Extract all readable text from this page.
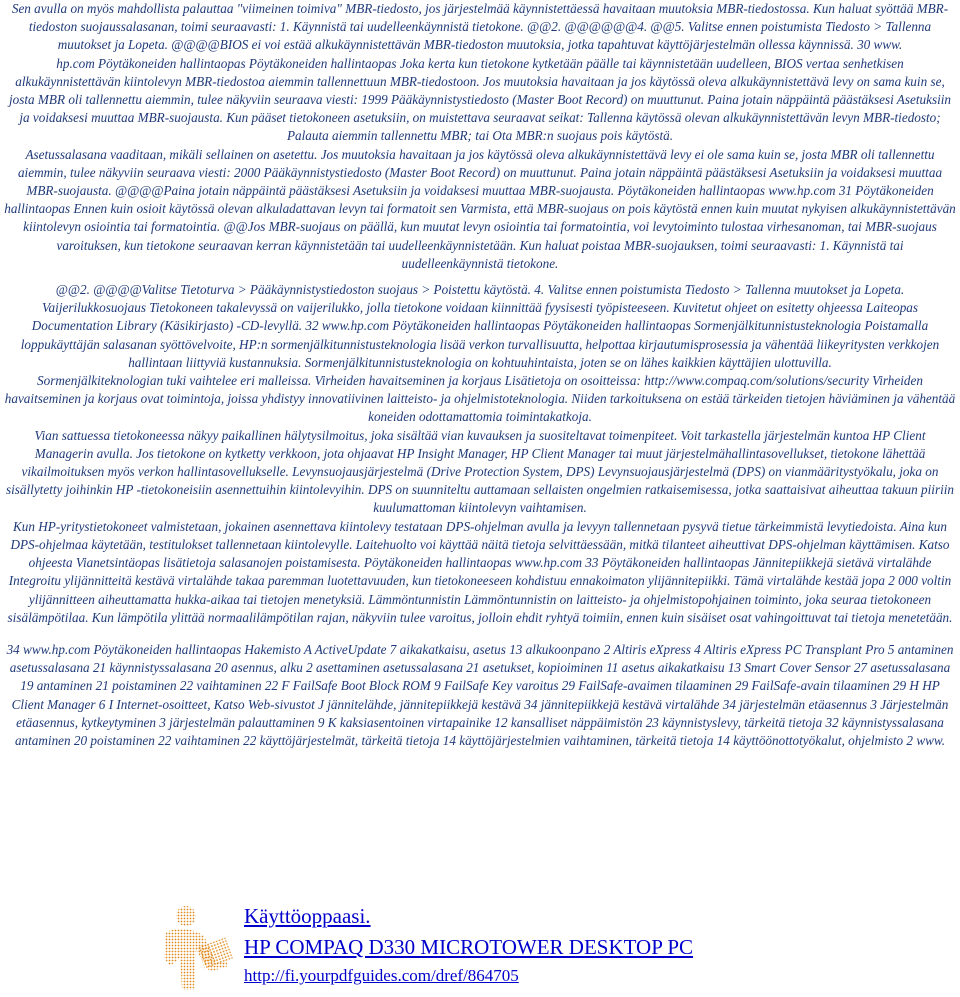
Sen avulla on myös mahdollista palauttaa "viimeinen toimiva" MBR-tiedosto, jos järjestelmää käynnistettäessä havaitaan muutoksia MBR-tiedostossa. Kun haluat syöttää MBR-tiedoston suojaussalasanan, toimi seuraavasti: 1. Käynnistä tai uudelleenkäynnistä tietokone. @@2. @@@@@@4. @@5. Valitse ennen poistumista Tiedosto > Tallenna muutokset ja Lopeta. @@@@BIOS ei voi estää alkukäynnistettävän MBR-tiedoston muutoksia, jotka tapahtuvat käyttöjärjestelmän ollessa käynnissä. 30 www.

hp.com Pöytäkoneiden hallintaopas Pöytäkoneiden hallintaopas Joka kerta kun tietokone kytketään päälle tai käynnistetään uudelleen, BIOS vertaa senhetkisen alkukäynnistettävän kiintolevyn MBR-tiedostoa aiemmin tallennettuun MBR-tiedostoon. Jos muutoksia havaitaan ja jos käytössä oleva alkukäynnistettävä levy on sama kuin se, josta MBR oli tallennettu aiemmin, tulee näkyviin seuraava viesti: 1999 Pääkäynnistystiedosto (Master Boot Record) on muuttunut. Paina jotain näppäintä päästäksesi Asetuksiin ja voidaksesi muuttaa MBR-suojausta. Kun pääset tietokoneen asetuksiin, on muistettava seuraavat seikat: Tallenna käytössä olevan alkukäynnistettävän levyn MBR-tiedosto; Palauta aiemmin tallennettu MBR; tai Ota MBR:n suojaus pois käytöstä.

Asetussalasana vaaditaan, mikäli sellainen on asetettu. Jos muutoksia havaitaan ja jos käytössä oleva alkukäynnistettävä levy ei ole sama kuin se, josta MBR oli tallennettu aiemmin, tulee näkyviin seuraava viesti: 2000 Pääkäynnistystiedosto (Master Boot Record) on muuttunut. Paina jotain näppäintä päästäksesi Asetuksiin ja voidaksesi muuttaa MBR-suojausta. @@@@Paina jotain näppäintä päästäksesi Asetuksiin ja voidaksesi muuttaa MBR-suojausta. Pöytäkoneiden hallintaopas www.hp.com 31 Pöytäkoneiden hallintaopas Ennen kuin osioit käytössä olevan alkuladattavan levyn tai formatoit sen Varmista, että MBR-suojaus on pois käytöstä ennen kuin muutat nykyisen alkukäynnistettävän kiintolevyn osiointia tai formatointia. @@Jos MBR-suojaus on päällä, kun muutat levyn osiointia tai formatointia, voi levytoiminto tulostaa virhesanoman, tai MBR-suojaus varoituksen, kun tietokone seuraavan kerran käynnistetään tai uudelleenkäynnistetään. Kun haluat poistaa MBR-suojauksen, toimi seuraavasti: 1. Käynnistä tai uudelleenkäynnistä tietokone.

@@2. @@@@Valitse Tietoturva > Pääkäynnistystiedoston suojaus > Poistettu käytöstä. 4. Valitse ennen poistumista Tiedosto > Tallenna muutokset ja Lopeta. Vaijerilukkosuojaus Tietokoneen takalevyssä on vaijerilukko, jolla tietokone voidaan kiinnittää fyysisesti työpisteeseen. Kuvitetut ohjeet on esitetty ohjeessa Laiteopas Documentation Library (Käsikirjasto) -CD-levyllä. 32 www.hp.com Pöytäkoneiden hallintaopas Pöytäkoneiden hallintaopas Sormenjälkitunnistusteknologia Poistamalla loppukäyttäjän salasanan syöttövelvoite, HP:n sormenjälkitunnistusteknologia lisää verkon turvallisuutta, helpottaa kirjautumisprosessia ja vähentää liikeyritysten verkkojen hallintaan liittyviä kustannuksia. Sormenjälkitunnistusteknologia on kohtuuhintaista, joten se on lähes kaikkien käyttäjien ulottuvilla.

Sormenjälkiteknologian tuki vaihtelee eri malleissa. Virheiden havaitseminen ja korjaus Lisätietoja on osoitteissa: http://www.compaq.com/solutions/security Virheiden havaitseminen ja korjaus ovat toimintoja, joissa yhdistyy innovatiivinen laitteisto- ja ohjelmistoteknologia. Niiden tarkoituksena on estää tärkeiden tietojen häviäminen ja vähentää koneiden odottamattomia toimintakatkoja.

Vian sattuessa tietokoneessa näkyy paikallinen hälytysilmoitus, joka sisältää vian kuvauksen ja suositeltavat toimenpiteet. Voit tarkastella järjestelmän kuntoa HP Client Managerin avulla. Jos tietokone on kytketty verkkoon, jota ohjaavat HP Insight Manager, HP Client Manager tai muut järjestelmähallintasovellukset, tietokone lähettää vikailmoituksen myös verkon hallintasovellukselle. Levynsuojausjärjestelmä (Drive Protection System, DPS) Levynsuojausjärjestelmä (DPS) on vianmääritystyökalu, joka on sisällytetty joihinkin HP -tietokoneisiin asennettuihin kiintolevyihin. DPS on suunniteltu auttamaan sellaisten ongelmien ratkaisemisessa, jotka saattaisivat aiheuttaa takuun piiriin kuulumattoman kiintolevyn vaihtamisen.

Kun HP-yritystietokoneet valmistetaan, jokainen asennettava kiintolevy testataan DPS-ohjelman avulla ja levyyn tallennetaan pysyvä tietue tärkeimmistä levytiedoista. Aina kun DPS-ohjelmaa käytetään, testitulokset tallennetaan kiintolevylle. Laitehuolto voi käyttää näitä tietoja selvittäessään, mitkä tilanteet aiheuttivat DPS-ohjelman käyttämisen. Katso ohjeesta Vianetsintäopas lisätietoja salasanojen poistamisesta. Pöytäkoneiden hallintaopas www.hp.com 33 Pöytäkoneiden hallintaopas Jännitepiikkejä sietävä virtalähde Integroitu ylijännitteitä kestävä virtalähde takaa paremman luotettavuuden, kun tietokoneeseen kohdistuu ennakoimaton ylijännitepiikki. Tämä virtalähde kestää jopa 2 000 voltin ylijännitteen aiheuttamatta hukka-aikaa tai tietojen menetyksiä. Lämmöntunnistin Lämmöntunnistin on laitteisto- ja ohjelmistopohjainen toiminto, joka seuraa tietokoneen sisälämpötilaa. Kun lämpötila ylittää normaalilämpötilan rajan, näkyviin tulee varoitus, jolloin ehdit ryhtyä toimiin, ennen kuin sisäiset osat vahingoittuvat tai tietoja menetetään.

34 www.hp.com Pöytäkoneiden hallintaopas Hakemisto A ActiveUpdate 7 aikakatkaisu, asetus 13 alkukoonpano 2 Altiris eXpress 4 Altiris eXpress PC Transplant Pro 5 antaminen asetussalasana 21 käynnistyssalasana 20 asennus, alku 2 asettaminen asetussalasana 21 asetukset, kopioiminen 11 asetus aikakatkaisu 13 Smart Cover Sensor 27 asetussalasana 19 antaminen 21 poistaminen 22 vaihtaminen 22 F FailSafe Boot Block ROM 9 FailSafe Key varoitus 29 FailSafe-avaimen tilaaminen 29 FailSafe-avain tilaaminen 29 H HP Client Manager 6 I Internet-osoitteet, Katso Web-sivustot J jännitelähde, jännitepiikkejä kestävä 34 jännitepiikkejä kestävä virtalähde 34 järjestelmän etäasennus 3 Järjestelmän etäasennus, kytkeytyminen 3 järjestelmän palauttaminen 9 K kaksiasentoinen virtapainike 12 kansalliset näppäimistön 23 käynnistyslevy, tärkeitä tietoja 32 käynnistyssalasana antaminen 20 poistaminen 22 vaihtaminen 22 käyttöjärjestelmät, tärkeitä tietoja 14 käyttöjärjestelmien vaihtaminen, tärkeitä tietoja 14 käyttöönottotyökalut, ohjelmisto 2 www.

Käyttöoppaasi.
HP COMPAQ D330 MICROTOWER DESKTOP PC
http://fi.yourpdfguides.com/dref/864705
